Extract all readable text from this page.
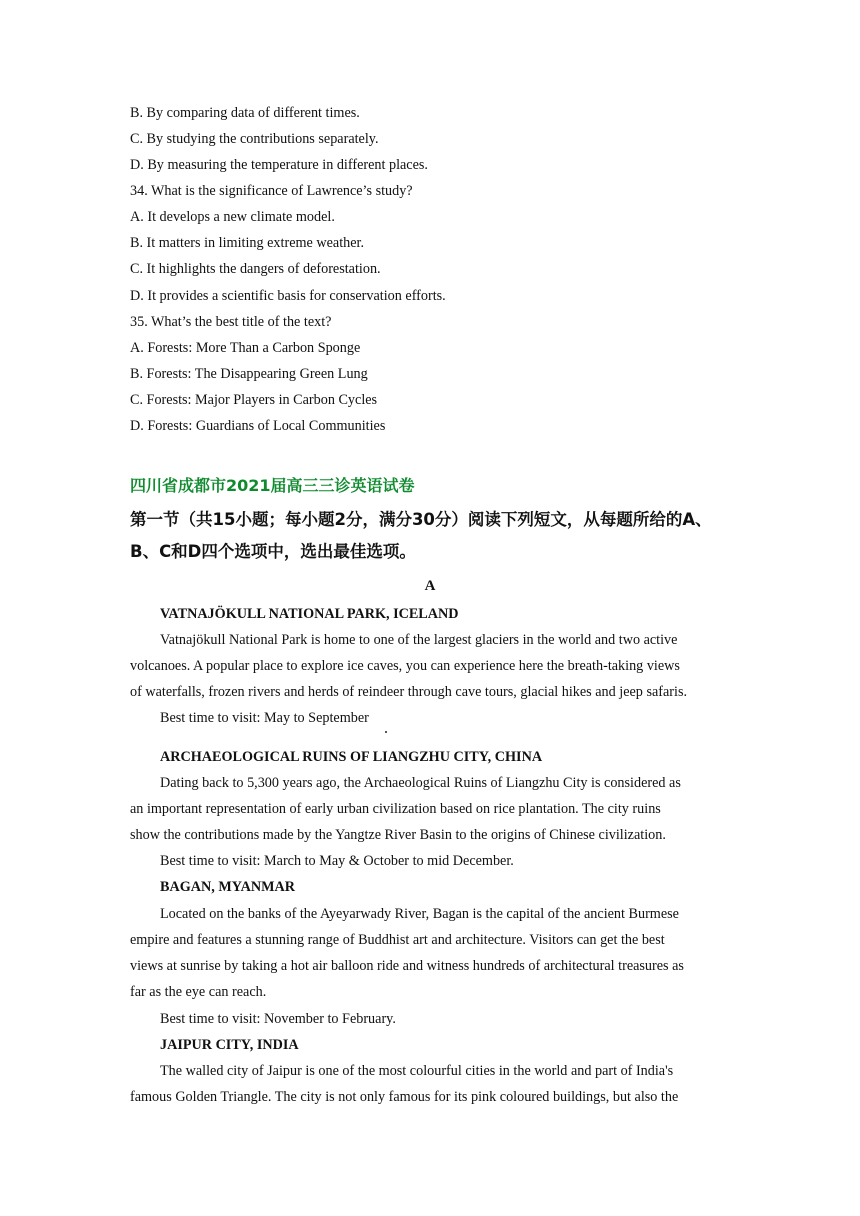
B. By comparing data of different times.
C. By studying the contributions separately.
D. By measuring the temperature in different places.
34. What is the significance of Lawrence’s study?
A. It develops a new climate model.
B. It matters in limiting extreme weather.
C. It highlights the dangers of deforestation.
D. It provides a scientific basis for conservation efforts.
35. What’s the best title of the text?
A. Forests: More Than a Carbon Sponge
B. Forests: The Disappearing Green Lung
C. Forests: Major Players in Carbon Cycles
D. Forests: Guardians of Local Communities
四川省成都市2021届高三三诊英语试卷
第一节（共15小题；每小题2分，满分30分）阅读下列短文，从每题所给的A、
B、C和D四个选项中，选出最佳选项。
A
VATNAJÖKULL NATIONAL PARK, ICELAND
Vatnajökull National Park is home to one of the largest glaciers in the world and two active
volcanoes. A popular place to explore ice caves, you can experience here the breath-taking views
of waterfalls, frozen rivers and herds of reindeer through cave tours, glacial hikes and jeep safaris.
Best time to visit: May to September
ARCHAEOLOGICAL RUINS OF LIANGZHU CITY, CHINA
Dating back to 5,300 years ago, the Archaeological Ruins of Liangzhu City is considered as
an important representation of early urban civilization based on rice plantation. The city ruins
show the contributions made by the Yangtze River Basin to the origins of Chinese civilization.
Best time to visit: March to May & October to mid December.
BAGAN, MYANMAR
Located on the banks of the Ayeyarwady River, Bagan is the capital of the ancient Burmese
empire and features a stunning range of Buddhist art and architecture. Visitors can get the best
views at sunrise by taking a hot air balloon ride and witness hundreds of architectural treasures as
far as the eye can reach.
Best time to visit: November to February.
JAIPUR CITY, INDIA
The walled city of Jaipur is one of the most colourful cities in the world and part of India's
famous Golden Triangle. The city is not only famous for its pink coloured buildings, but also the
